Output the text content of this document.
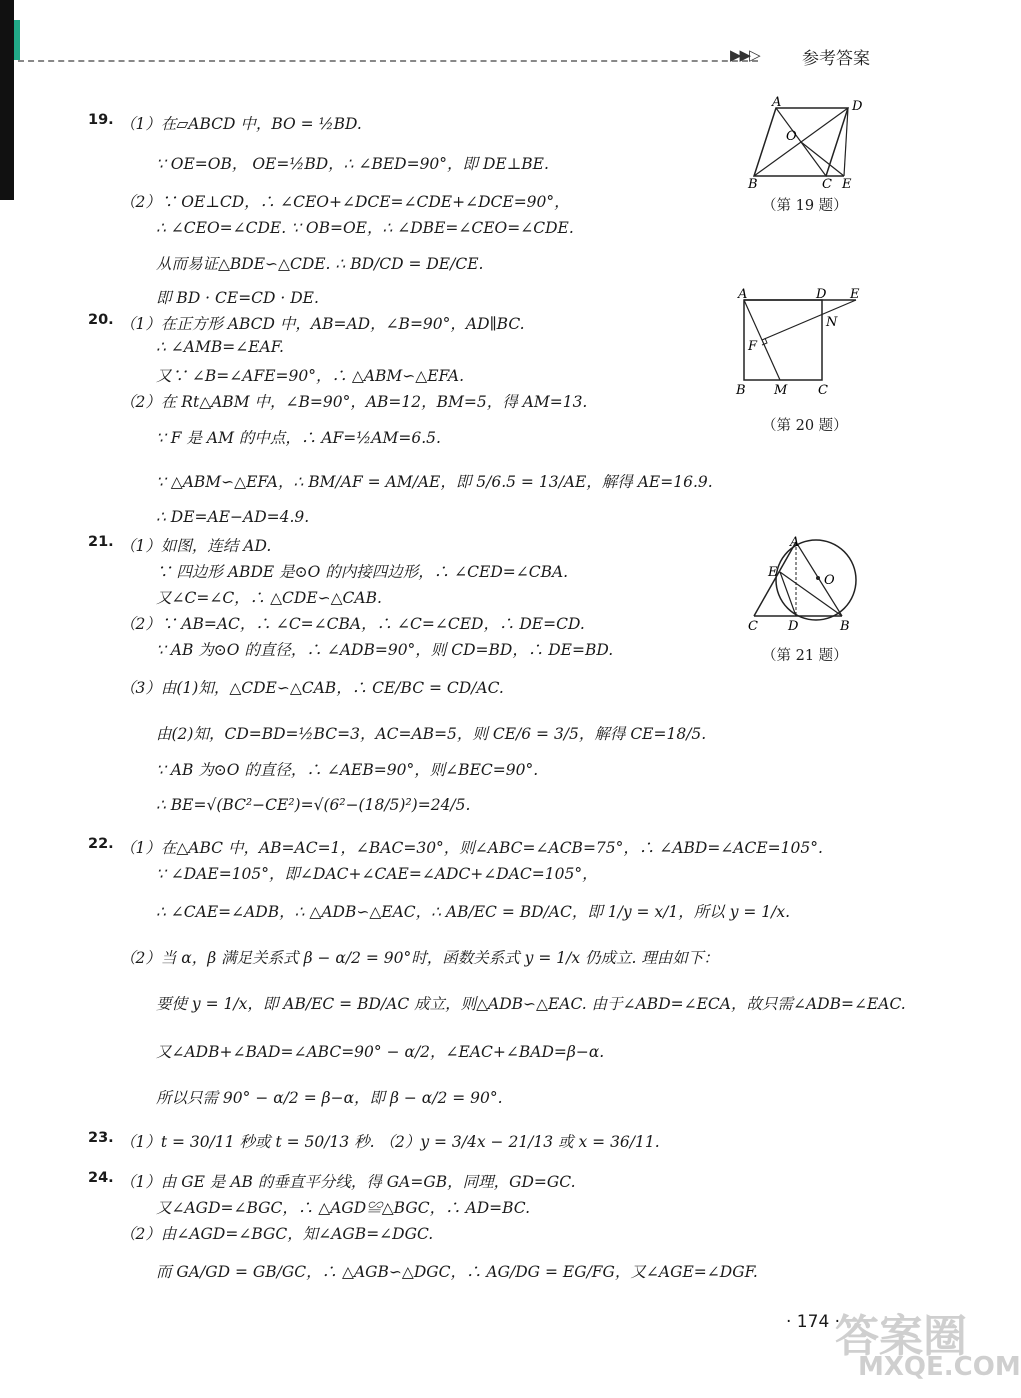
▶▶▷	参考答案
19. （1）在▱ABCD 中，BO = ½BD.
∵ OE=OB， OE=½BD，∴ ∠BED=90°，即 DE⊥BE.
（2）∵ OE⊥CD，∴ ∠CEO+∠DCE=∠CDE+∠DCE=90°，
∴ ∠CEO=∠CDE. ∵ OB=OE，∴ ∠DBE=∠CEO=∠CDE.
从而易证△BDE∽△CDE. ∴ BD/CD = DE/CE.
即 BD · CE=CD · DE.
20. （1）在正方形 ABCD 中，AB=AD，∠B=90°，AD∥BC.
∴ ∠AMB=∠EAF.
又∵ ∠B=∠AFE=90°，∴ △ABM∽△EFA.
（2）在 Rt△ABM 中，∠B=90°，AB=12，BM=5，得 AM=13.
∵ F 是 AM 的中点，∴ AF=½AM=6.5.
∵ △ABM∽△EFA，∴ BM/AF = AM/AE，即 5/6.5 = 13/AE，解得 AE=16.9.
∴ DE=AE−AD=4.9.
21. （1）如图，连结 AD.
∵ 四边形 ABDE 是⊙O 的内接四边形，∴ ∠CED=∠CBA.
又∠C=∠C，∴ △CDE∽△CAB.
（2）∵ AB=AC，∴ ∠C=∠CBA，∴ ∠C=∠CED，∴ DE=CD.
∵ AB 为⊙O 的直径，∴ ∠ADB=90°，则 CD=BD，∴ DE=BD.
（3）由(1)知，△CDE∽△CAB，∴ CE/BC = CD/AC.
由(2)知，CD=BD=½BC=3，AC=AB=5，则 CE/6 = 3/5，解得 CE=18/5.
∵ AB 为⊙O 的直径，∴ ∠AEB=90°，则∠BEC=90°.
∴ BE=√(BC²−CE²)=√(6²−(18/5)²)=24/5.
22. （1）在△ABC 中，AB=AC=1，∠BAC=30°，则∠ABC=∠ACB=75°，∴ ∠ABD=∠ACE=105°.
∵ ∠DAE=105°，即∠DAC+∠CAE=∠ADC+∠DAC=105°，
∴ ∠CAE=∠ADB，∴ △ADB∽△EAC，∴ AB/EC = BD/AC，即 1/y = x/1，所以 y = 1/x.
（2）当 α，β 满足关系式 β − α/2 = 90°时，函数关系式 y = 1/x 仍成立. 理由如下：
要使 y = 1/x，即 AB/EC = BD/AC 成立，则△ADB∽△EAC. 由于∠ABD=∠ECA，故只需∠ADB=∠EAC.
又∠ADB+∠BAD=∠ABC=90° − α/2，∠EAC+∠BAD=β−α.
所以只需 90° − α/2 = β−α，即 β − α/2 = 90°.
23. （1）t = 30/11 秒或 t = 50/13 秒. （2）y = 3/4x − 21/13 或 x = 36/11.
24. （1）由 GE 是 AB 的垂直平分线，得 GA=GB，同理，GD=GC.
又∠AGD=∠BGC，∴ △AGD≌△BGC，∴ AD=BC.
（2）由∠AGD=∠BGC，知∠AGB=∠DGC.
而 GA/GD = GB/GC，∴ △AGB∽△DGC，∴ AG/DG = EG/FG，又∠AGE=∠DGF.
A	D
O
B	C E
（第 19 题）
A	D E
N
F
B M C
（第 20 题）
A
E
O
C D	B
（第 21 题）
· 174 ·
答案圈
MXQE.COM
